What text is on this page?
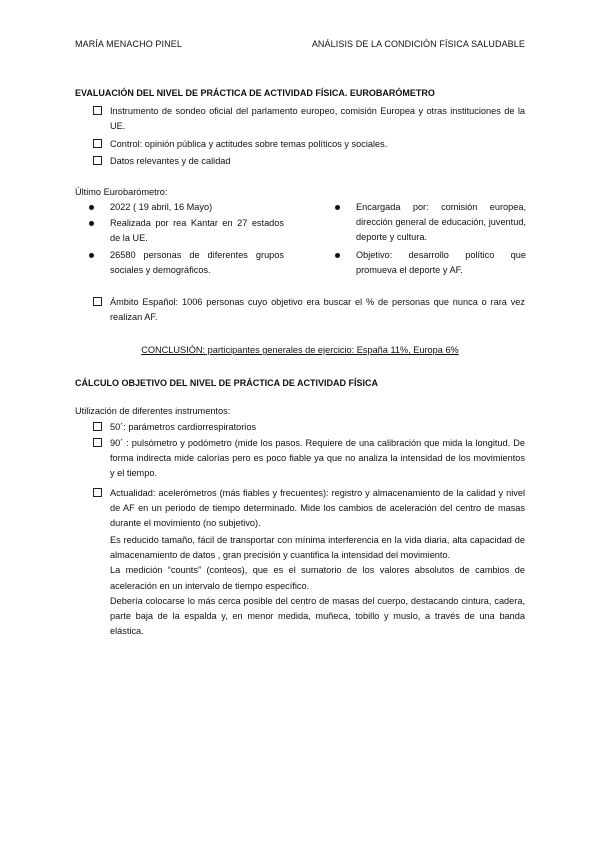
MARÍA MENACHO PINEL	ANÁLISIS DE LA CONDICIÓN FÍSICA SALUDABLE
EVALUACIÓN DEL NIVEL DE PRÁCTICA DE ACTIVIDAD FÍSICA. EUROBARÓMETRO
Instrumento de sondeo oficial del parlamento europeo, comisión Europea y otras instituciones de la UE.
Control: opinión pública y actitudes sobre temas políticos y sociales.
Datos relevantes y de calidad
Último Eurobarómetro:
2022 ( 19 abril, 16 Mayo)
Realizada por rea Kantar en 27 estados de la UE.
26580 personas de diferentes grupos sociales y demográficos.
Encargada por: comisión europea, dirección general de educación, juventud, deporte y cultura.
Objetivo: desarrollo político que promueva el deporte y AF.
Ámbito Español: 1006 personas cuyo objetivo era buscar el % de personas que nunca o rara vez realizan AF.
CONCLUSIÓN: participantes generales de ejercicio: España 11%, Europa 6%
CÁLCULO OBJETIVO DEL NIVEL DE PRÁCTICA DE ACTIVIDAD FÍSICA
Utilización de diferentes instrumentos:
50´: parámetros cardiorrespiratorios
90´ : pulsómetro y podómetro (mide los pasos. Requiere de una calibración que mida la longitud. De forma indirecta mide calorías pero es poco fiable ya que no analiza la intensidad de los movimientos y el tiempo.
Actualidad: acelerómetros (más fiables y frecuentes): registro y almacenamiento de la calidad y nivel de AF en un periodo de tiempo determinado. Mide los cambios de aceleración del centro de masas durante el movimiento (no subjetivo).
Es reducido tamaño, fácil de transportar con mínima interferencia en la vida diaria, alta capacidad de almacenamiento de datos , gran precisión y cuantifica la intensidad del movimiento.
La medición “counts” (conteos), que es el sumatorio de los valores absolutos de cambios de aceleración en un intervalo de tiempo específico.
Debería colocarse lo más cerca posible del centro de masas del cuerpo, destacando cintura, cadera, parte baja de la espalda y, en menor medida, muñeca, tobillo y muslo, a través de una banda elástica.
